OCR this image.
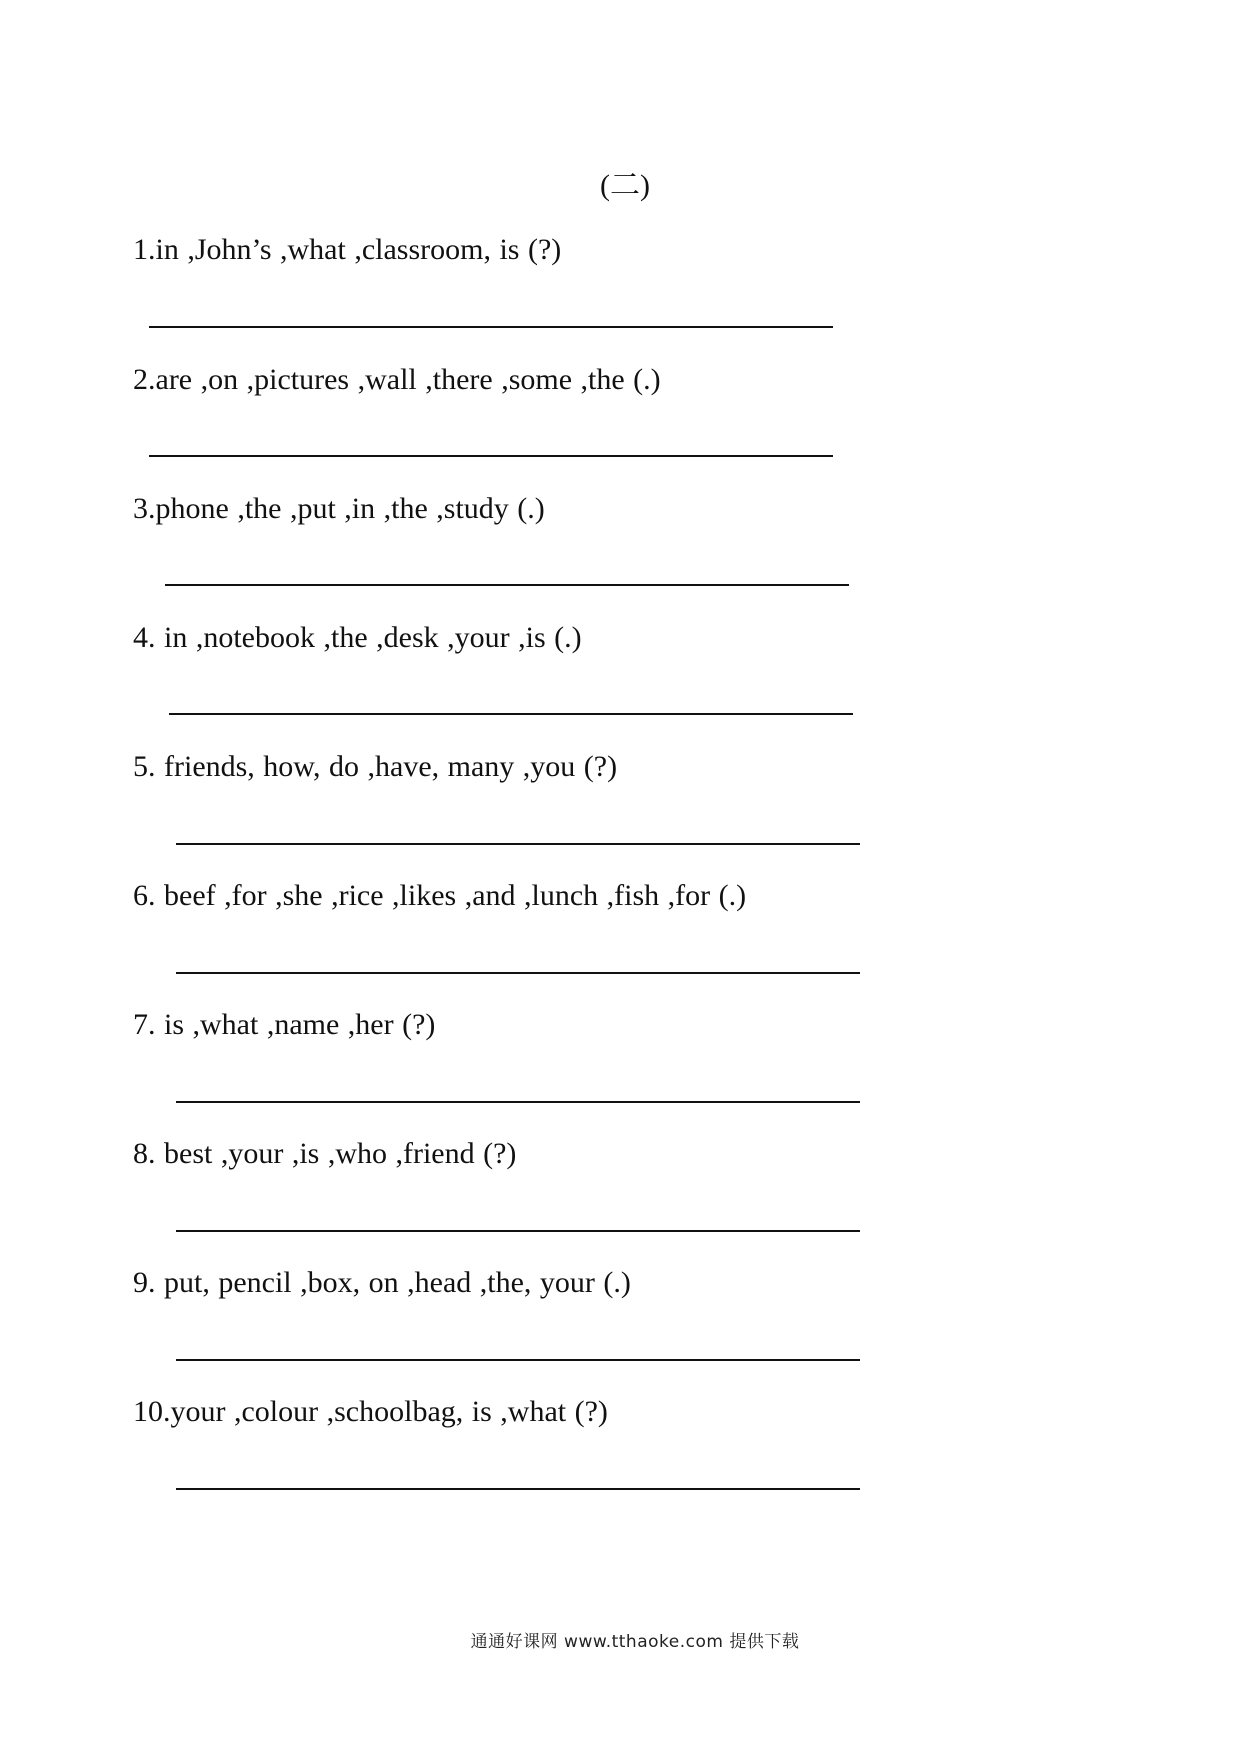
(二)
1.in ,John’s ,what ,classroom, is (?)
2.are ,on ,pictures ,wall ,there ,some ,the (.)
3.phone ,the ,put ,in ,the ,study (.)
4. in ,notebook ,the ,desk ,your ,is (.)
5. friends, how, do ,have, many ,you (?)
6. beef ,for ,she ,rice ,likes ,and ,lunch ,fish ,for (.)
7. is ,what ,name ,her (?)
8. best ,your ,is ,who ,friend (?)
9. put, pencil ,box, on ,head ,the, your (.)
10.your ,colour ,schoolbag, is ,what (?)
通通好课网 www.tthaoke.com 提供下载
